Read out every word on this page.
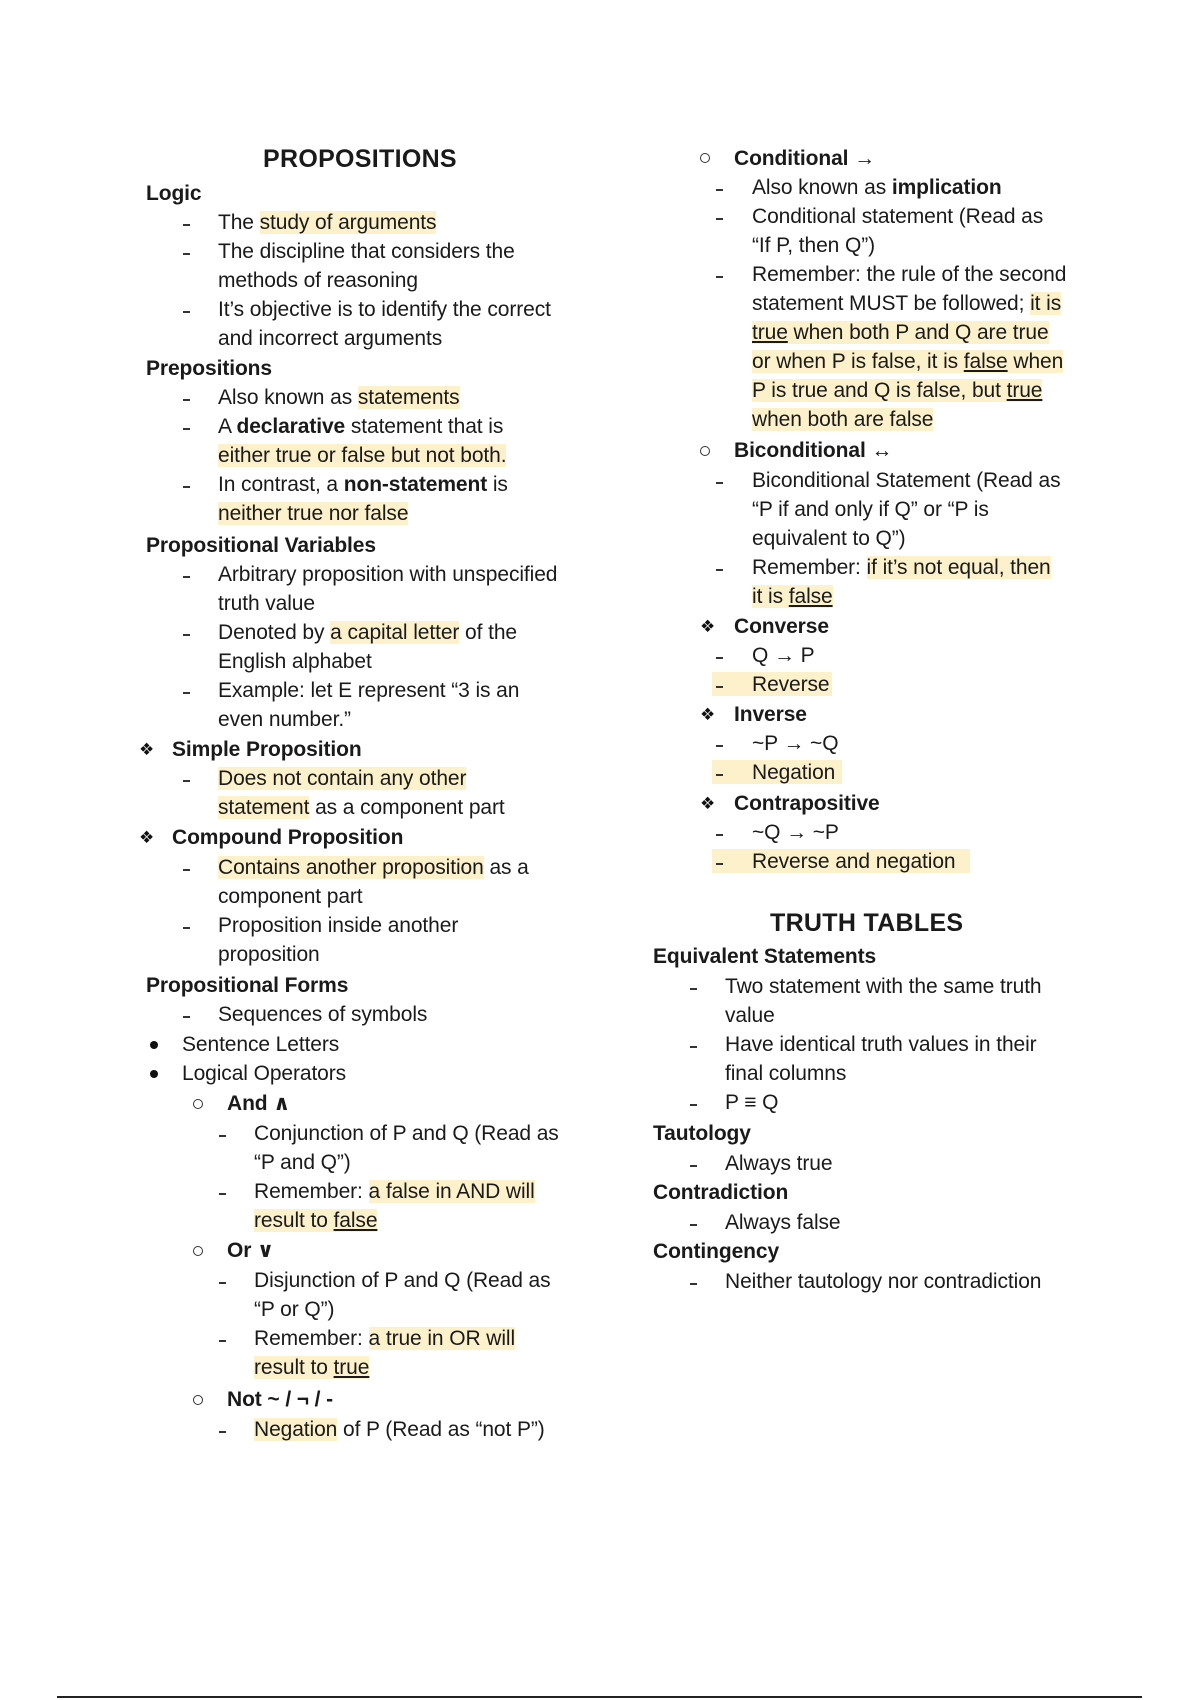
PROPOSITIONS
Logic
The study of arguments
The discipline that considers the
methods of reasoning
It’s objective is to identify the correct
and incorrect arguments
Prepositions
Also known as statements
A declarative statement that is
either true or false but not both.
In contrast, a non-statement is
neither true nor false
Propositional Variables
Arbitrary proposition with unspecified
truth value
Denoted by a capital letter of the
English alphabet
Example: let E represent “3 is an
even number.”
❖ Simple Proposition
Does not contain any other
statement as a component part
❖ Compound Proposition
Contains another proposition as a
component part
Proposition inside another
proposition
Propositional Forms
Sequences of symbols
Sentence Letters
Logical Operators
And ∧
Conjunction of P and Q (Read as
“P and Q”)
Remember: a false in AND will
result to false
Or ∨
Disjunction of P and Q (Read as
“P or Q”)
Remember: a true in OR will
result to true
Not ~ / ¬ / -
Negation of P (Read as “not P”)
Conditional →
Also known as implication
Conditional statement (Read as
“If P, then Q”)
Remember: the rule of the second
statement MUST be followed; it is
true when both P and Q are true
or when P is false, it is false when
P is true and Q is false, but true
when both are false
Biconditional ↔
Biconditional Statement (Read as
“P if and only if Q” or “P is
equivalent to Q”)
Remember: if it’s not equal, then
it is false
❖ Converse
Q → P
Reverse
❖ Inverse
~P → ~Q
Negation
❖ Contrapositive
~Q → ~P
Reverse and negation
TRUTH TABLES
Equivalent Statements
Two statement with the same truth
value
Have identical truth values in their
final columns
P ≡ Q
Tautology
Always true
Contradiction
Always false
Contingency
Neither tautology nor contradiction
